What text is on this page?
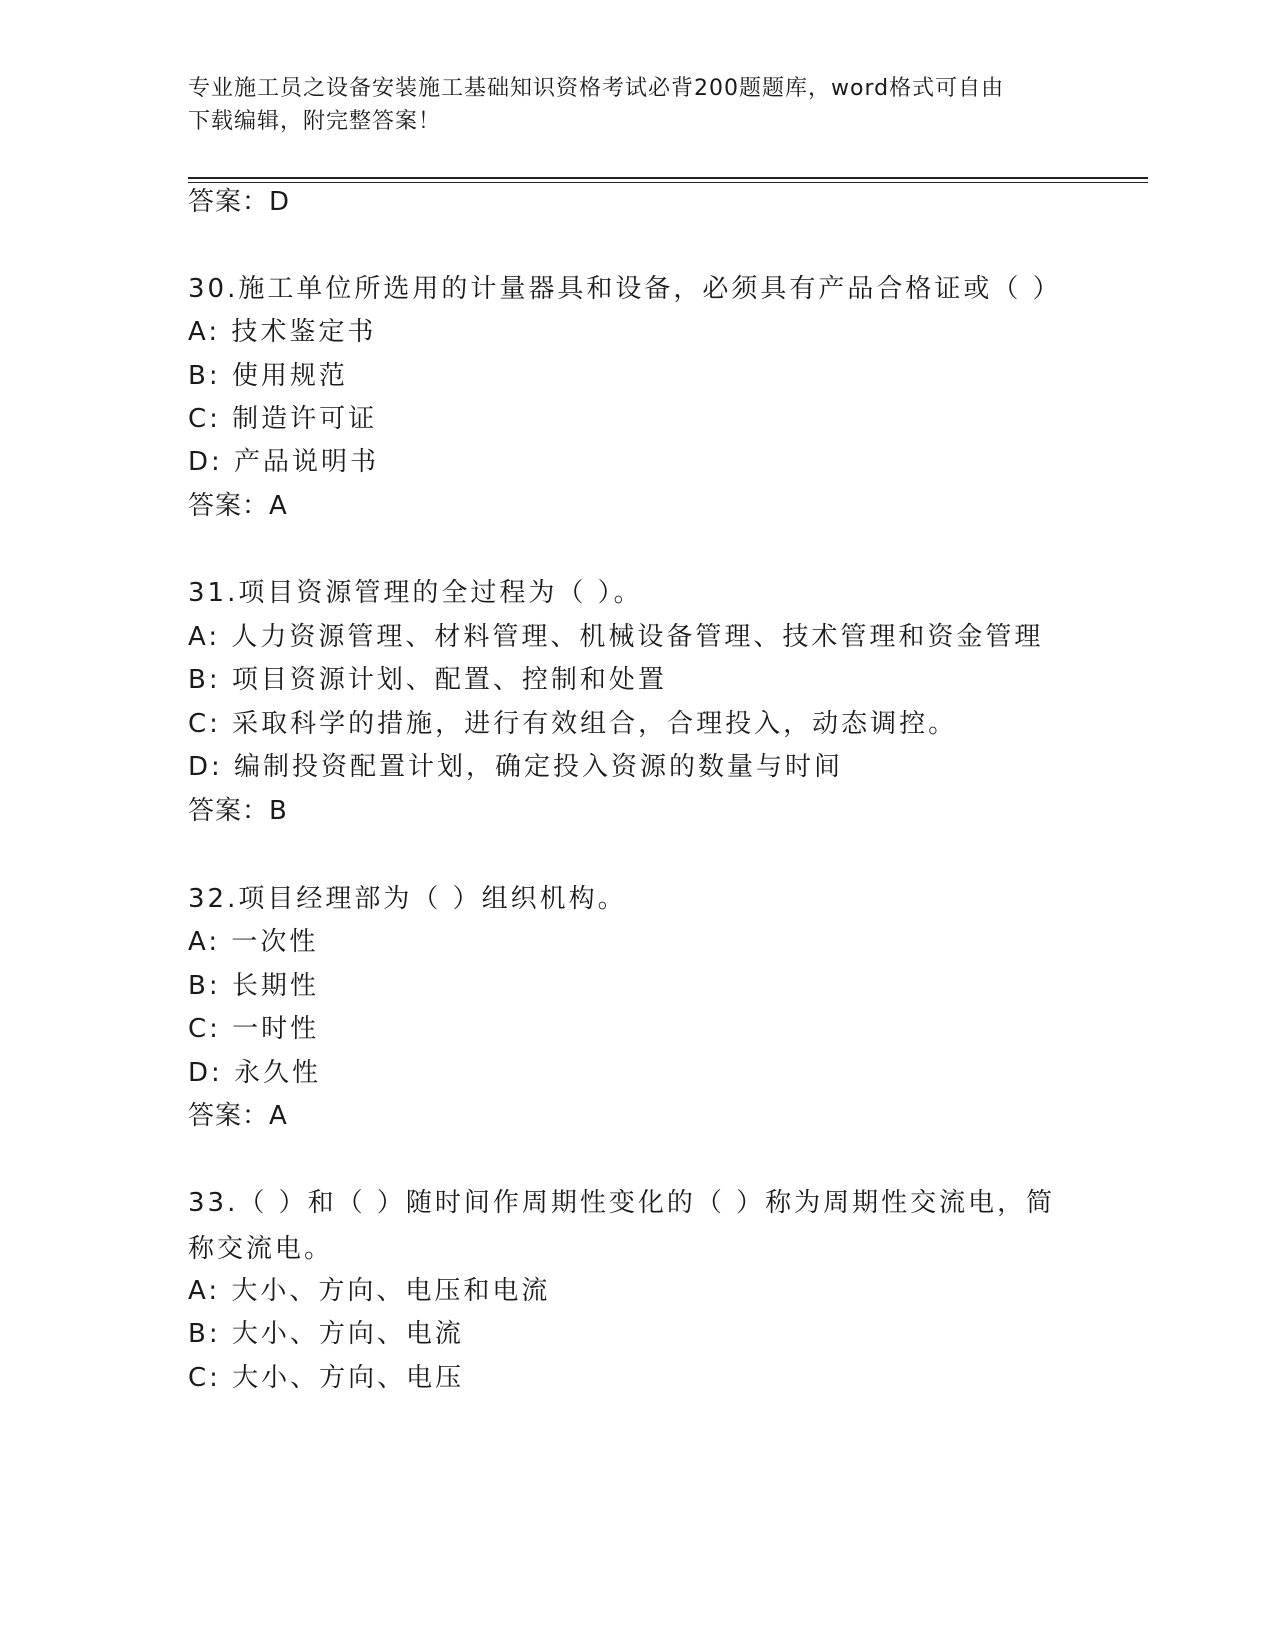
专业施工员之设备安装施工基础知识资格考试必背200题题库，word格式可自由
下载编辑，附完整答案！
答案：D
30.施工单位所选用的计量器具和设备，必须具有产品合格证或（ ）
A: 技术鉴定书
B: 使用规范
C: 制造许可证
D: 产品说明书
答案：A
31.项目资源管理的全过程为（ ）。
A: 人力资源管理、材料管理、机械设备管理、技术管理和资金管理
B: 项目资源计划、配置、控制和处置
C: 采取科学的措施，进行有效组合，合理投入，动态调控。
D: 编制投资配置计划，确定投入资源的数量与时间
答案：B
32.项目经理部为（ ）组织机构。
A: 一次性
B: 长期性
C: 一时性
D: 永久性
答案：A
33.（ ）和（ ）随时间作周期性变化的（ ）称为周期性交流电，简称交流电。
A: 大小、方向、电压和电流
B: 大小、方向、电流
C: 大小、方向、电压
